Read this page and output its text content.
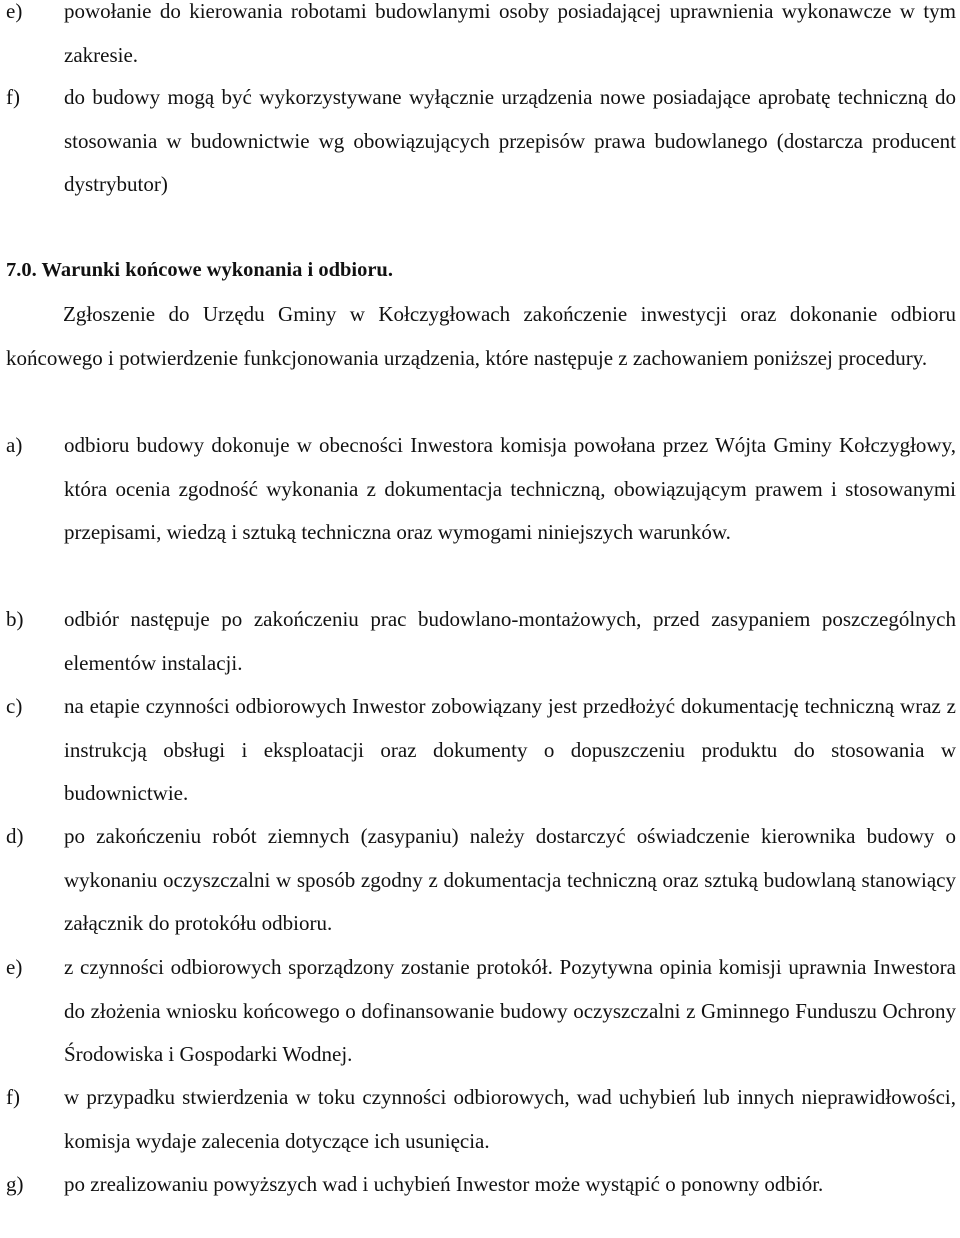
e)	powołanie do kierowania robotami budowlanymi osoby posiadającej uprawnienia wykonawcze w tym zakresie.
f)	do budowy mogą być wykorzystywane wyłącznie urządzenia nowe posiadające aprobatę techniczną do stosowania w budownictwie wg obowiązujących przepisów prawa budowlanego (dostarcza producent dystrybutor)
7.0. Warunki końcowe wykonania i odbioru.

Zgłoszenie do Urzędu Gminy w Kołczygłowach zakończenie inwestycji oraz dokonanie odbioru końcowego i potwierdzenie funkcjonowania urządzenia, które następuje z zachowaniem poniższej procedury.

a)	odbioru budowy dokonuje w obecności Inwestora komisja powołana przez Wójta Gminy Kołczygłowy, która ocenia zgodność wykonania z dokumentacja techniczną, obowiązującym prawem i stosowanymi przepisami, wiedzą i sztuką techniczna oraz wymogami niniejszych warunków.
b)	odbiór następuje po zakończeniu prac budowlano-montażowych, przed zasypaniem poszczególnych elementów instalacji.
c)	na etapie czynności odbiorowych Inwestor zobowiązany jest przedłożyć dokumentację techniczną wraz z instrukcją obsługi i eksploatacji oraz dokumenty o dopuszczeniu produktu do stosowania w budownictwie.
d)	po zakończeniu robót ziemnych (zasypaniu) należy dostarczyć oświadczenie kierownika budowy o wykonaniu oczyszczalni w sposób zgodny z dokumentacja techniczną oraz sztuką budowlaną stanowiący załącznik do protokółu odbioru.
e)	z czynności odbiorowych sporządzony zostanie protokół. Pozytywna opinia komisji uprawnia Inwestora do złożenia wniosku końcowego o dofinansowanie budowy oczyszczalni z Gminnego Funduszu Ochrony Środowiska i Gospodarki Wodnej.
f)	w przypadku stwierdzenia w toku czynności odbiorowych, wad uchybień lub innych nieprawidłowości, komisja wydaje zalecenia dotyczące ich usunięcia.
g)	po zrealizowaniu powyższych wad i uchybień Inwestor może wystąpić o ponowny odbiór.
